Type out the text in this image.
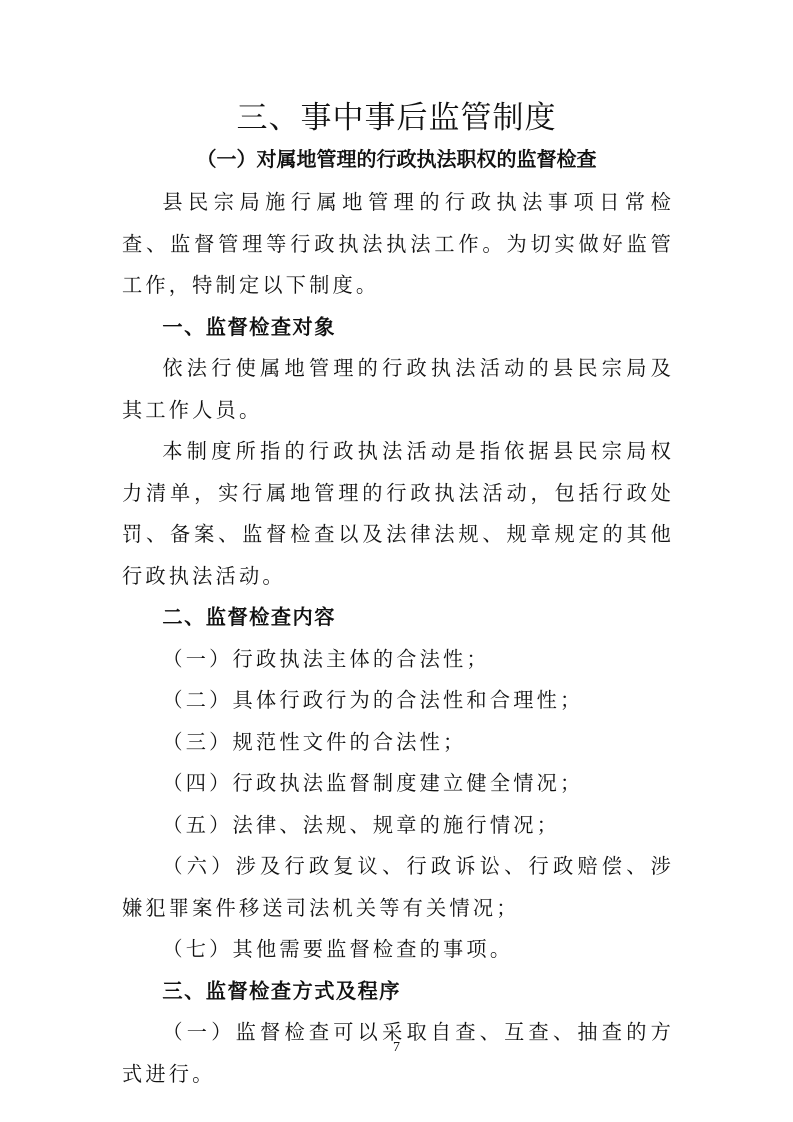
三、事中事后监管制度
（一）对属地管理的行政执法职权的监督检查

县民宗局施行属地管理的行政执法事项日常检查、监督管理等行政执法执法工作。为切实做好监管工作，特制定以下制度。

一、监督检查对象

依法行使属地管理的行政执法活动的县民宗局及其工作人员。

本制度所指的行政执法活动是指依据县民宗局权力清单，实行属地管理的行政执法活动，包括行政处罚、备案、监督检查以及法律法规、规章规定的其他行政执法活动。

二、监督检查内容

（一）行政执法主体的合法性；

（二）具体行政行为的合法性和合理性；

（三）规范性文件的合法性；

（四）行政执法监督制度建立健全情况；

（五）法律、法规、规章的施行情况；

（六）涉及行政复议、行政诉讼、行政赔偿、涉嫌犯罪案件移送司法机关等有关情况；

（七）其他需要监督检查的事项。

三、监督检查方式及程序

（一）监督检查可以采取自查、互查、抽查的方式进行。

7
